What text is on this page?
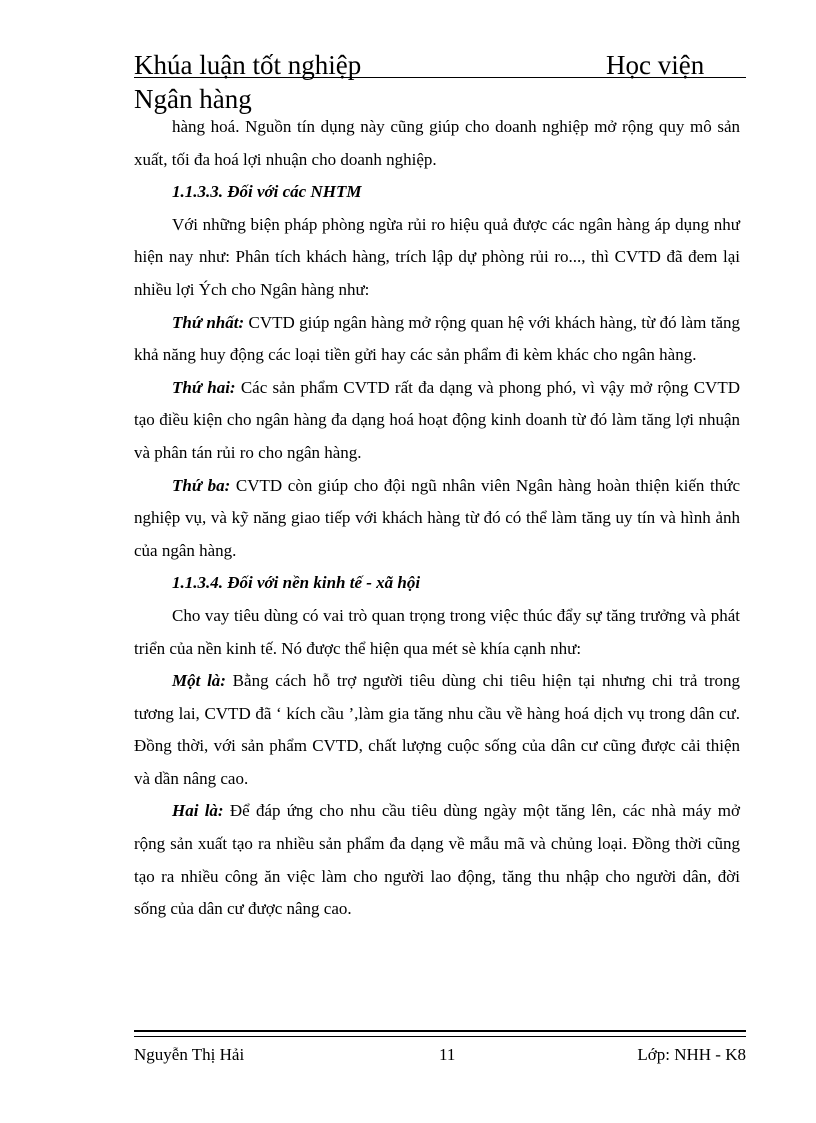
Khúa luận tốt nghiệp	Học viện
Ngân hàng

hàng hoá. Nguồn tín dụng này cũng giúp cho doanh nghiệp mở rộng quy mô sản xuất, tối đa hoá lợi nhuận cho doanh nghiệp.

1.1.3.3. Đối với các NHTM

Với những biện pháp phòng ngừa rủi ro hiệu quả được các ngân hàng áp dụng như hiện nay như: Phân tích khách hàng, trích lập dự phòng rủi ro..., thì CVTD đã đem lại nhiều lợi Ých cho Ngân hàng như:

Thứ nhất: CVTD giúp ngân hàng mở rộng quan hệ với khách hàng, từ đó làm tăng khả năng huy động các loại tiền gửi hay các sản phẩm đi kèm khác cho ngân hàng.

Thứ hai: Các sản phẩm CVTD rất đa dạng và phong phó, vì vậy mở rộng CVTD tạo điều kiện cho ngân hàng đa dạng hoá hoạt động kinh doanh từ đó làm tăng lợi nhuận và phân tán rủi ro cho ngân hàng.

Thứ ba: CVTD còn giúp cho đội ngũ nhân viên Ngân hàng hoàn thiện kiến thức nghiệp vụ, và kỹ năng giao tiếp với khách hàng từ đó có thể làm tăng uy tín và hình ảnh của ngân hàng.

1.1.3.4. Đối với nền kinh tế - xã hội

Cho vay tiêu dùng có vai trò quan trọng trong việc thúc đẩy sự tăng trưởng và phát triển của nền kinh tế. Nó được thể hiện qua mét sè khía cạnh như:

Một là: Bằng cách hỗ trợ người tiêu dùng chi tiêu hiện tại nhưng chi trả trong tương lai, CVTD đã ‘ kích cầu ’,làm gia tăng nhu cầu về hàng hoá dịch vụ trong dân cư. Đồng thời, với sản phẩm CVTD, chất lượng cuộc sống của dân cư cũng được cải thiện và dần nâng cao.

Hai là: Để đáp ứng cho nhu cầu tiêu dùng ngày một tăng lên, các nhà máy mở rộng sản xuất tạo ra nhiều sản phẩm đa dạng về mẫu mã và chủng loại. Đồng thời cũng tạo ra nhiều công ăn việc làm cho người lao động, tăng thu nhập cho người dân, đời sống của dân cư được nâng cao.

Nguyễn Thị Hải	11	Lớp: NHH - K8
